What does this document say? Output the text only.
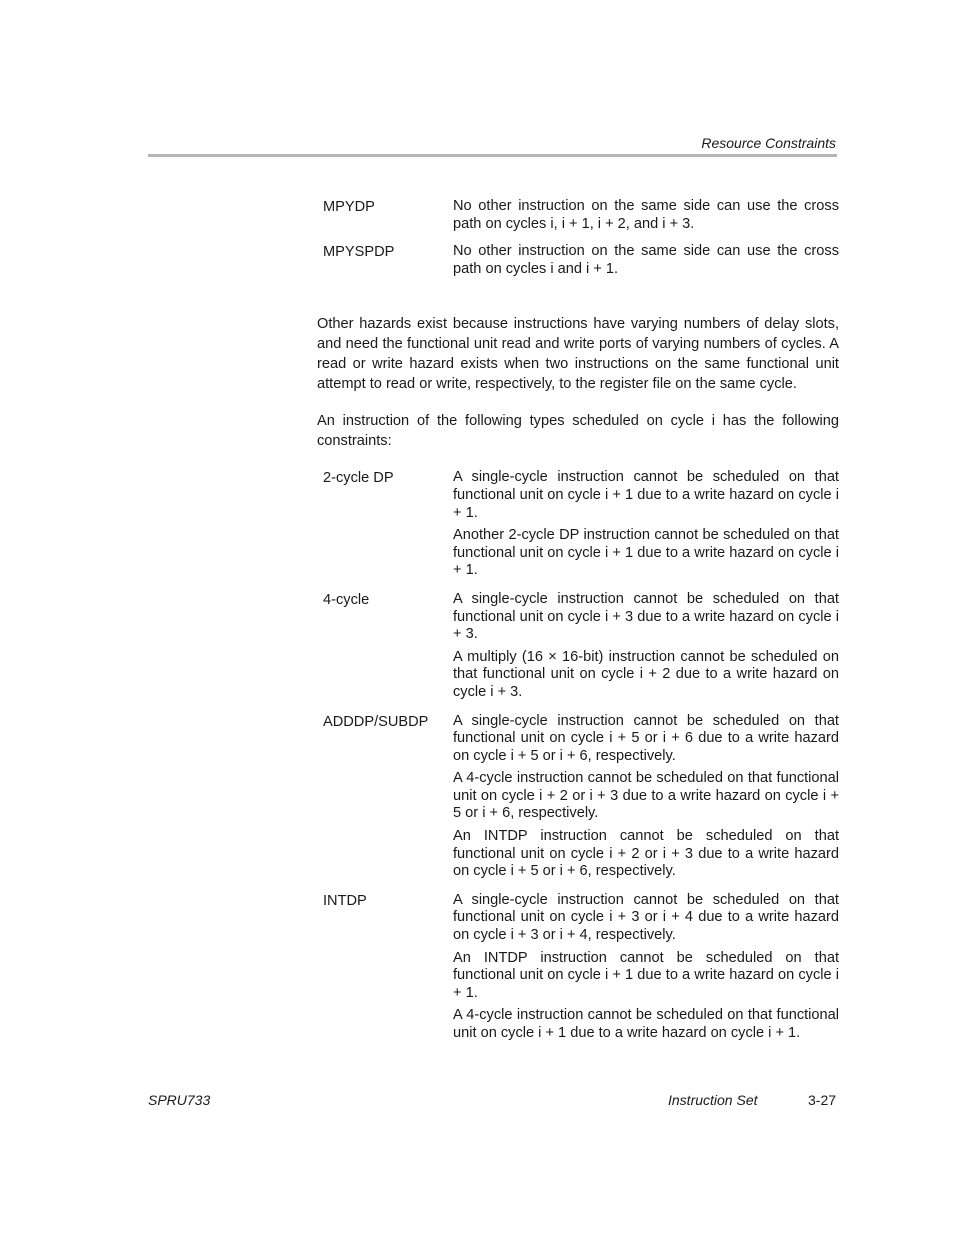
Resource Constraints
MPYDP	No other instruction on the same side can use the cross path on cycles i, i + 1, i + 2, and i + 3.

MPYSPDP	No other instruction on the same side can use the cross path on cycles i and i + 1.

Other hazards exist because instructions have varying numbers of delay slots, and need the functional unit read and write ports of varying numbers of cycles. A read or write hazard exists when two instructions on the same functional unit attempt to read or write, respectively, to the register file on the same cycle.

An instruction of the following types scheduled on cycle i has the following constraints:

2-cycle DP	A single-cycle instruction cannot be scheduled on that functional unit on cycle i + 1 due to a write hazard on cycle i + 1.

Another 2-cycle DP instruction cannot be scheduled on that functional unit on cycle i + 1 due to a write hazard on cycle i + 1.

4-cycle	A single-cycle instruction cannot be scheduled on that functional unit on cycle i + 3 due to a write hazard on cycle i + 3.

A multiply (16 × 16-bit) instruction cannot be scheduled on that functional unit on cycle i + 2 due to a write hazard on cycle i + 3.

ADDDP/SUBDP	A single-cycle instruction cannot be scheduled on that functional unit on cycle i + 5 or i + 6 due to a write hazard on cycle i + 5 or i + 6, respectively.

A 4-cycle instruction cannot be scheduled on that functional unit on cycle i + 2 or i + 3 due to a write hazard on cycle i + 5 or i + 6, respectively.

An INTDP instruction cannot be scheduled on that functional unit on cycle i + 2 or i + 3 due to a write hazard on cycle i + 5 or i + 6, respectively.

INTDP	A single-cycle instruction cannot be scheduled on that functional unit on cycle i + 3 or i + 4 due to a write hazard on cycle i + 3 or i + 4, respectively.

An INTDP instruction cannot be scheduled on that functional unit on cycle i + 1 due to a write hazard on cycle i + 1.

A 4-cycle instruction cannot be scheduled on that functional unit on cycle i + 1 due to a write hazard on cycle i + 1.

SPRU733	Instruction Set	3-27
